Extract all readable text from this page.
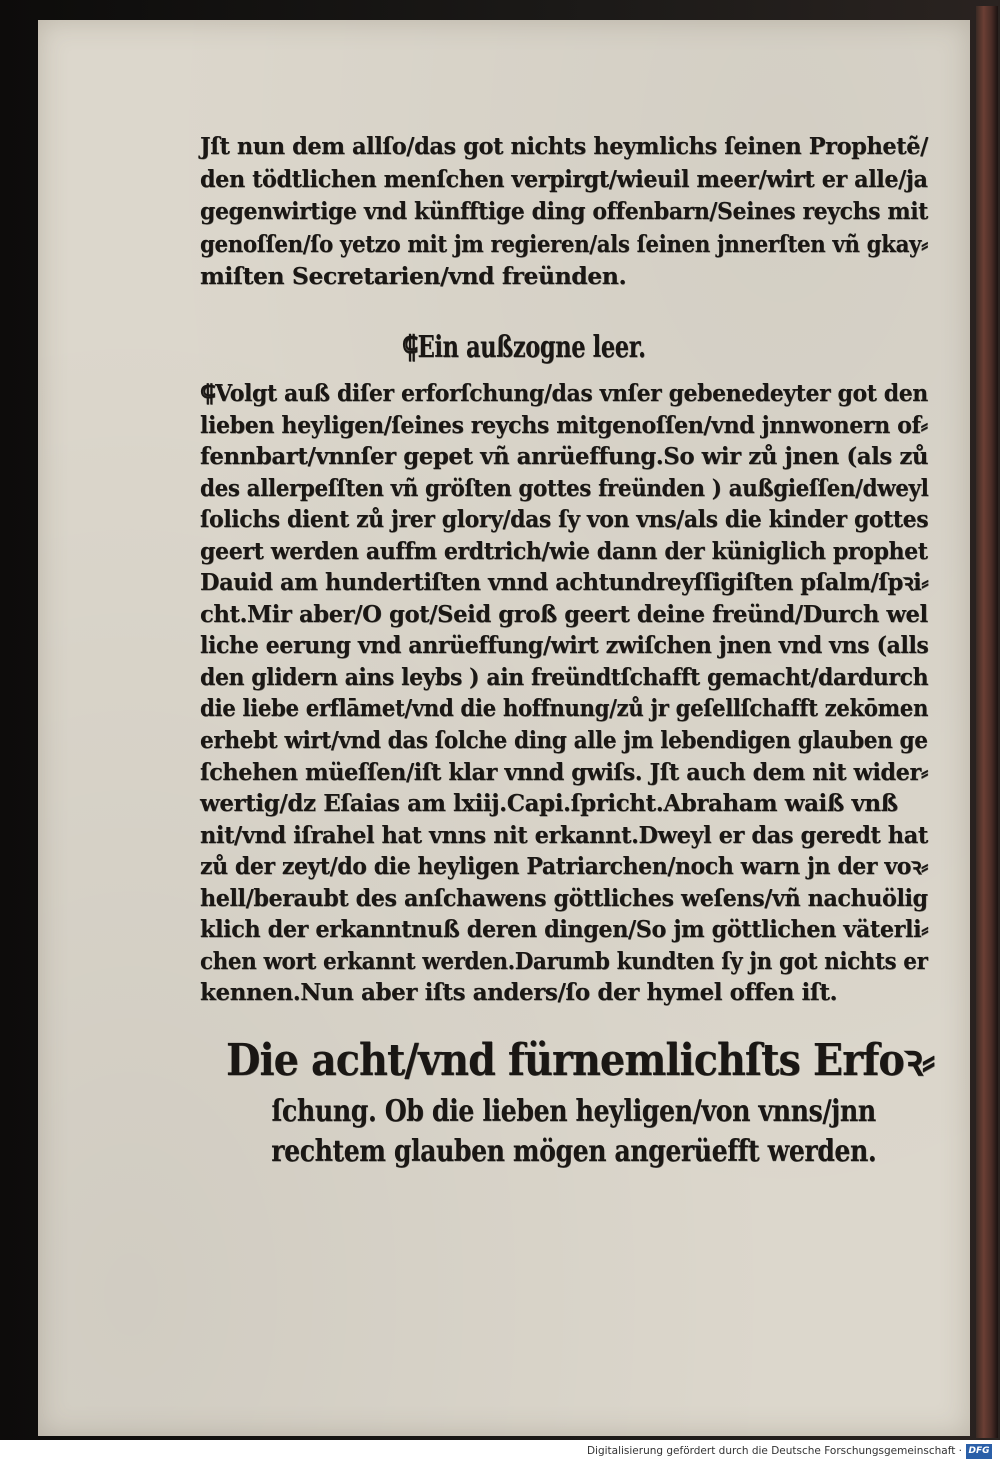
Jſt nun dem allſo/das got nichts heymlichs ſeinen Prophetẽ/
den tödtlichen menſchen verpirgt/wieuil meer/wirt er alle/ja
gegenwirtige vnd künfftige ding offenbarn/Seines reychs mit
genoſſen/ſo yetzo mit jm regieren/als ſeinen jnnerſten vñ gkay⸗
miſten Secretarien/vnd freünden.
⸿Ein außzogne leer.
⸿Volgt auß diſer erforſchung/das vnſer gebenedeyter got den
lieben heyligen/ſeines reychs mitgenoſſen/vnd jnnwonern of⸗
fennbart/vnnſer gepet vñ anrüeffung.So wir zů jnen (als zů
des allerpeſſten vñ gröſten gottes freünden ) außgieſſen/dweyl
ſolichs dient zů jrer glory/das ſy von vns/als die kinder gottes
geert werden auffm erdtrich/wie dann der küniglich prophet
Dauid am hundertiſten vnnd achtundreyſſigiſten pſalm/ſpꝛi⸗
cht.Mir aber/O got/Seid groß geert deine freünd/Durch wel
liche eerung vnd anrüeffung/wirt zwiſchen jnen vnd vns (alls
den glidern ains leybs ) ain freündtſchafft gemacht/dardurch
die liebe erflāmet/vnd die hoffnung/zů jr geſellſchafft zekōmen
erhebt wirt/vnd das ſolche ding alle jm lebendigen glauben ge
ſchehen müeſſen/iſt klar vnnd gwiſs. Jſt auch dem nit wider⸗
wertig/dz Eſaias am lxiij.Capi.ſpricht.Abraham waiß vnß
nit/vnd iſrahel hat vnns nit erkannt.Dweyl er das geredt hat
zů der zeyt/do die heyligen Patriarchen/noch warn jn der voꝛ⸗
hell/beraubt des anſchawens göttliches weſens/vñ nachuölig
klich der erkanntnuß deren dingen/So jm göttlichen väterli⸗
chen wort erkannt werden.Darumb kundten ſy jn got nichts er
kennen.Nun aber iſts anders/ſo der hymel offen iſt.
Die acht/vnd fürnemlichſts Erfoꝛ⸗
ſchung. Ob die lieben heyligen/von vnns/jnn
rechtem glauben mögen angerüefft werden.
Digitalisierung gefördert durch die Deutsche Forschungsgemeinschaft · DFG
